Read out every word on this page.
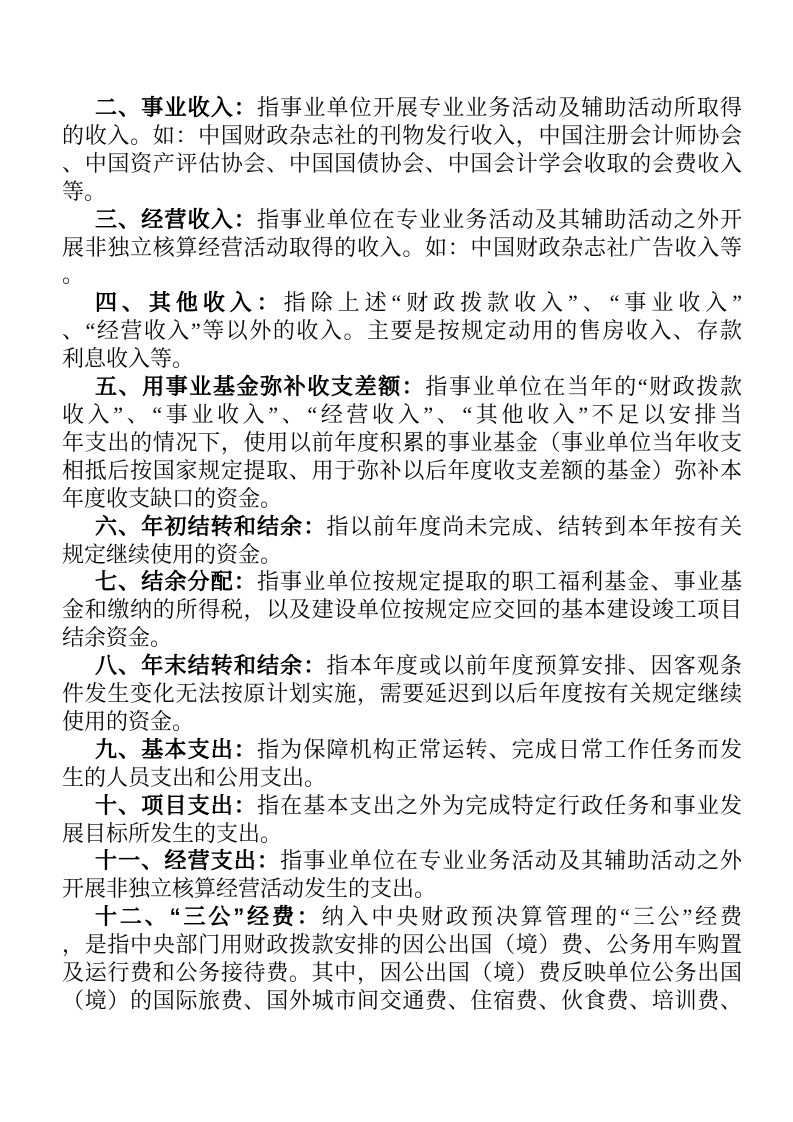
二、事业收入：指事业单位开展专业业务活动及辅助活动所取得
的收入。如：中国财政杂志社的刊物发行收入，中国注册会计师协会
、中国资产评估协会、中国国债协会、中国会计学会收取的会费收入
等。
三、经营收入：指事业单位在专业业务活动及其辅助活动之外开
展非独立核算经营活动取得的收入。如：中国财政杂志社广告收入等
。
四、其他收入：指除上述“财政拨款收入”、“事业收入”
、“经营收入”等以外的收入。主要是按规定动用的售房收入、存款
利息收入等。
五、用事业基金弥补收支差额：指事业单位在当年的“财政拨款
收入”、“事业收入”、“经营收入”、“其他收入”不足以安排当
年支出的情况下，使用以前年度积累的事业基金（事业单位当年收支
相抵后按国家规定提取、用于弥补以后年度收支差额的基金）弥补本
年度收支缺口的资金。
六、年初结转和结余：指以前年度尚未完成、结转到本年按有关
规定继续使用的资金。
七、结余分配：指事业单位按规定提取的职工福利基金、事业基
金和缴纳的所得税，以及建设单位按规定应交回的基本建设竣工项目
结余资金。
八、年末结转和结余：指本年度或以前年度预算安排、因客观条
件发生变化无法按原计划实施，需要延迟到以后年度按有关规定继续
使用的资金。
九、基本支出：指为保障机构正常运转、完成日常工作任务而发
生的人员支出和公用支出。
十、项目支出：指在基本支出之外为完成特定行政任务和事业发
展目标所发生的支出。
十一、经营支出：指事业单位在专业业务活动及其辅助活动之外
开展非独立核算经营活动发生的支出。
十二、“三公”经费：纳入中央财政预决算管理的“三公”经费
，是指中央部门用财政拨款安排的因公出国（境）费、公务用车购置
及运行费和公务接待费。其中，因公出国（境）费反映单位公务出国
（境）的国际旅费、国外城市间交通费、住宿费、伙食费、培训费、
